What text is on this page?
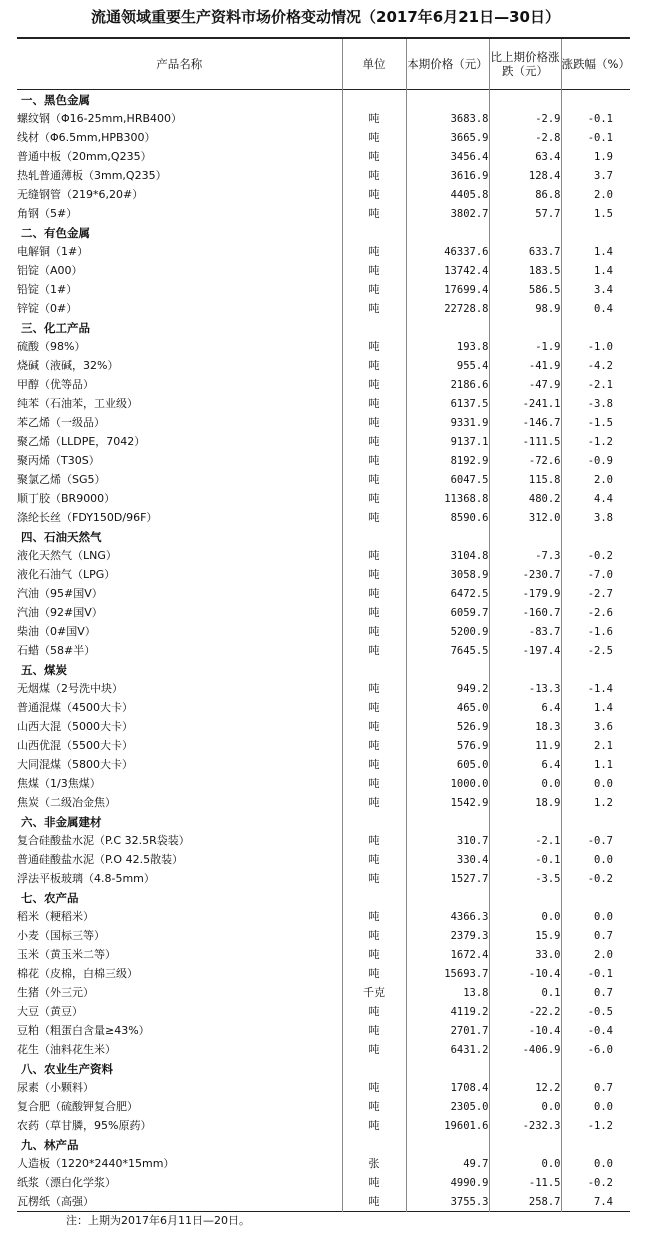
流通领域重要生产资料市场价格变动情况（2017年6月21日—30日）
产品名称	单位	本期价格（元）	比上期价格涨跌（元）	涨跌幅（%）
一、黑色金属				
螺纹钢（Φ16-25mm,HRB400）	吨	3683.8	-2.9	-0.1
线材（Φ6.5mm,HPB300）	吨	3665.9	-2.8	-0.1
普通中板（20mm,Q235）	吨	3456.4	63.4	1.9
热轧普通薄板（3mm,Q235）	吨	3616.9	128.4	3.7
无缝钢管（219*6,20#）	吨	4405.8	86.8	2.0
角钢（5#）	吨	3802.7	57.7	1.5
二、有色金属				
电解铜（1#）	吨	46337.6	633.7	1.4
铝锭（A00）	吨	13742.4	183.5	1.4
铅锭（1#）	吨	17699.4	586.5	3.4
锌锭（0#）	吨	22728.8	98.9	0.4
三、化工产品				
硫酸（98%）	吨	193.8	-1.9	-1.0
烧碱（液碱，32%）	吨	955.4	-41.9	-4.2
甲醇（优等品）	吨	2186.6	-47.9	-2.1
纯苯（石油苯，工业级）	吨	6137.5	-241.1	-3.8
苯乙烯（一级品）	吨	9331.9	-146.7	-1.5
聚乙烯（LLDPE，7042）	吨	9137.1	-111.5	-1.2
聚丙烯（T30S）	吨	8192.9	-72.6	-0.9
聚氯乙烯（SG5）	吨	6047.5	115.8	2.0
顺丁胶（BR9000）	吨	11368.8	480.2	4.4
涤纶长丝（FDY150D/96F）	吨	8590.6	312.0	3.8
四、石油天然气				
液化天然气（LNG）	吨	3104.8	-7.3	-0.2
液化石油气（LPG）	吨	3058.9	-230.7	-7.0
汽油（95#国Ⅴ）	吨	6472.5	-179.9	-2.7
汽油（92#国Ⅴ）	吨	6059.7	-160.7	-2.6
柴油（0#国Ⅴ）	吨	5200.9	-83.7	-1.6
石蜡（58#半）	吨	7645.5	-197.4	-2.5
五、煤炭				
无烟煤（2号洗中块）	吨	949.2	-13.3	-1.4
普通混煤（4500大卡）	吨	465.0	6.4	1.4
山西大混（5000大卡）	吨	526.9	18.3	3.6
山西优混（5500大卡）	吨	576.9	11.9	2.1
大同混煤（5800大卡）	吨	605.0	6.4	1.1
焦煤（1/3焦煤）	吨	1000.0	0.0	0.0
焦炭（二级冶金焦）	吨	1542.9	18.9	1.2
六、非金属建材				
复合硅酸盐水泥（P.C 32.5R袋装）	吨	310.7	-2.1	-0.7
普通硅酸盐水泥（P.O 42.5散装）	吨	330.4	-0.1	0.0
浮法平板玻璃（4.8-5mm）	吨	1527.7	-3.5	-0.2
七、农产品				
稻米（粳稻米）	吨	4366.3	0.0	0.0
小麦（国标三等）	吨	2379.3	15.9	0.7
玉米（黄玉米二等）	吨	1672.4	33.0	2.0
棉花（皮棉，白棉三级）	吨	15693.7	-10.4	-0.1
生猪（外三元）	千克	13.8	0.1	0.7
大豆（黄豆）	吨	4119.2	-22.2	-0.5
豆粕（粗蛋白含量≥43%）	吨	2701.7	-10.4	-0.4
花生（油料花生米）	吨	6431.2	-406.9	-6.0
八、农业生产资料				
尿素（小颗料）	吨	1708.4	12.2	0.7
复合肥（硫酸钾复合肥）	吨	2305.0	0.0	0.0
农药（草甘膦，95%原药）	吨	19601.6	-232.3	-1.2
九、林产品				
人造板（1220*2440*15mm）	张	49.7	0.0	0.0
纸浆（漂白化学浆）	吨	4990.9	-11.5	-0.2
瓦楞纸（高强）	吨	3755.3	258.7	7.4
注：上期为2017年6月11日—20日。
